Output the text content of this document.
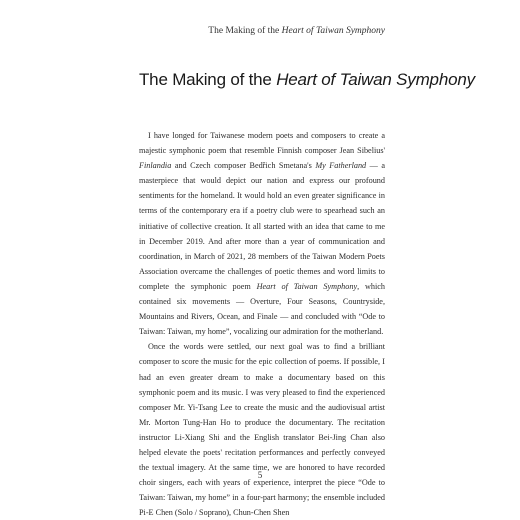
The Making of the Heart of Taiwan Symphony
The Making of the Heart of Taiwan Symphony

I have longed for Taiwanese modern poets and composers to create a majestic symphonic poem that resemble Finnish composer Jean Sibelius' Finlandia and Czech composer Bedřich Smetana's My Fatherland — a masterpiece that would depict our nation and express our profound sentiments for the homeland. It would hold an even greater significance in terms of the contemporary era if a poetry club were to spearhead such an initiative of collective creation. It all started with an idea that came to me in December 2019. And after more than a year of communication and coordination, in March of 2021, 28 members of the Taiwan Modern Poets Association overcame the challenges of poetic themes and word limits to complete the symphonic poem Heart of Taiwan Symphony, which contained six movements — Overture, Four Seasons, Countryside, Mountains and Rivers, Ocean, and Finale — and concluded with “Ode to Taiwan: Taiwan, my home”, vocalizing our admiration for the motherland.

Once the words were settled, our next goal was to find a brilliant composer to score the music for the epic collection of poems. If possible, I had an even greater dream to make a documentary based on this symphonic poem and its music. I was very pleased to find the experienced composer Mr. Yi-Tsang Lee to create the music and the audiovisual artist Mr. Morton Tung-Han Ho to produce the documentary. The recitation instructor Li-Xiang Shi and the English translator Bei-Jing Chan also helped elevate the poets' recitation performances and perfectly conveyed the textual imagery. At the same time, we are honored to have recorded choir singers, each with years of experience, interpret the piece “Ode to Taiwan: Taiwan, my home” in a four-part harmony; the ensemble included Pi-E Chen (Solo / Soprano), Chun-Chen Shen

5
